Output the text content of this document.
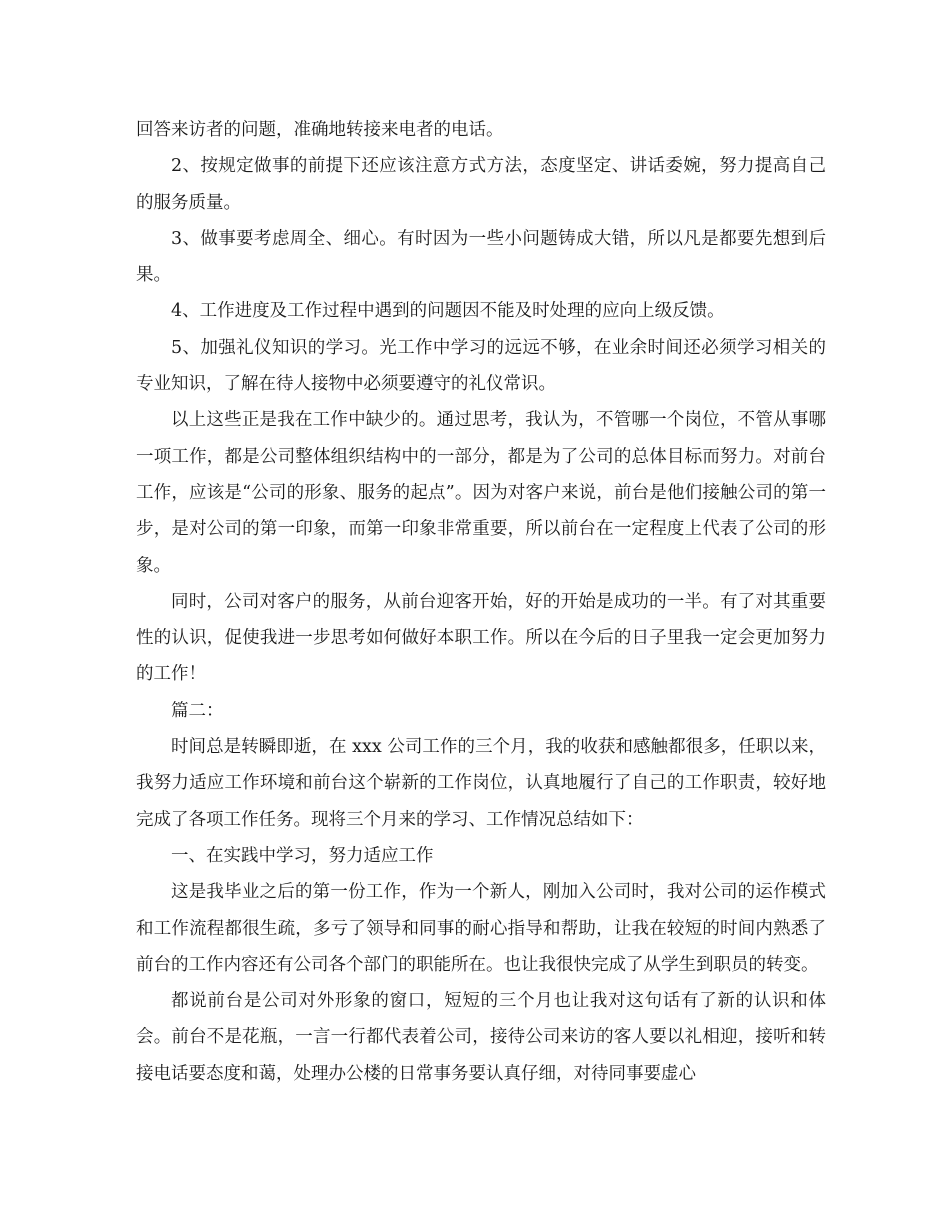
回答来访者的问题，准确地转接来电者的电话。

2、按规定做事的前提下还应该注意方式方法，态度坚定、讲话委婉，努力提高自己的服务质量。

3、做事要考虑周全、细心。有时因为一些小问题铸成大错，所以凡是都要先想到后果。

4、工作进度及工作过程中遇到的问题因不能及时处理的应向上级反馈。

5、加强礼仪知识的学习。光工作中学习的远远不够，在业余时间还必须学习相关的专业知识，了解在待人接物中必须要遵守的礼仪常识。

以上这些正是我在工作中缺少的。通过思考，我认为，不管哪一个岗位，不管从事哪一项工作，都是公司整体组织结构中的一部分，都是为了公司的总体目标而努力。对前台工作，应该是“公司的形象、服务的起点”。因为对客户来说，前台是他们接触公司的第一步，是对公司的第一印象，而第一印象非常重要，所以前台在一定程度上代表了公司的形象。

同时，公司对客户的服务，从前台迎客开始，好的开始是成功的一半。有了对其重要性的认识，促使我进一步思考如何做好本职工作。所以在今后的日子里我一定会更加努力的工作！

篇二：

时间总是转瞬即逝，在 xxx 公司工作的三个月，我的收获和感触都很多，任职以来，我努力适应工作环境和前台这个崭新的工作岗位，认真地履行了自己的工作职责，较好地完成了各项工作任务。现将三个月来的学习、工作情况总结如下：

一、在实践中学习，努力适应工作

这是我毕业之后的第一份工作，作为一个新人，刚加入公司时，我对公司的运作模式和工作流程都很生疏，多亏了领导和同事的耐心指导和帮助，让我在较短的时间内熟悉了前台的工作内容还有公司各个部门的职能所在。也让我很快完成了从学生到职员的转变。

都说前台是公司对外形象的窗口，短短的三个月也让我对这句话有了新的认识和体会。前台不是花瓶，一言一行都代表着公司，接待公司来访的客人要以礼相迎，接听和转接电话要态度和蔼，处理办公楼的日常事务要认真仔细，对待同事要虚心
